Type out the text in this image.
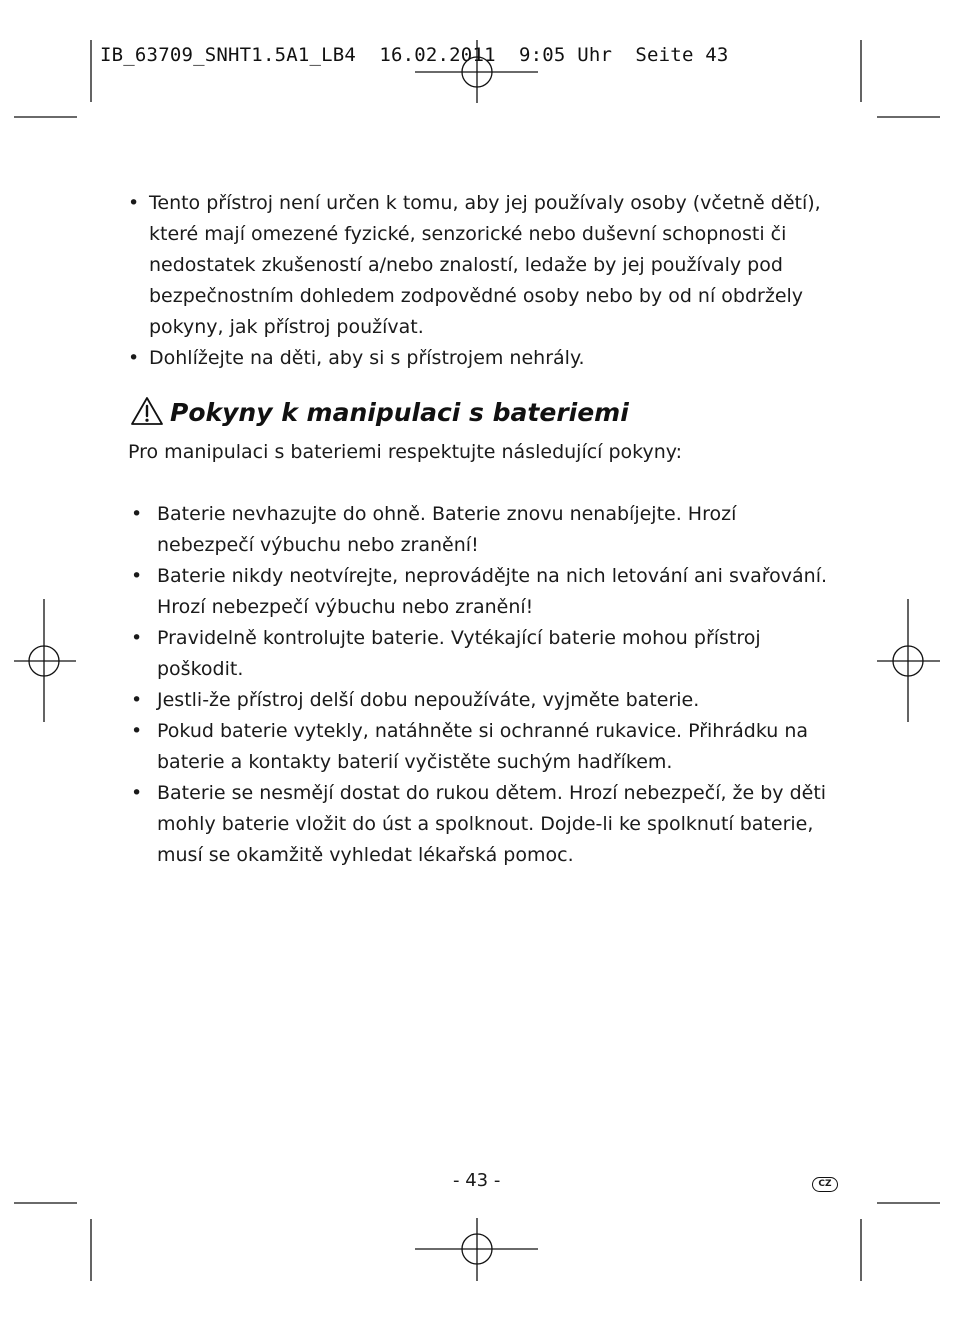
IB_63709_SNHT1.5A1_LB4  16.02.2011  9:05 Uhr  Seite 43
• Tento přístroj není určen k tomu, aby jej používaly osoby (včetně dětí), které mají omezené fyzické, senzorické nebo duševní schopnosti či nedostatek zkušeností a/nebo znalostí, ledaže by jej používaly pod bezpečnostním dohledem zodpovědné osoby nebo by od ní obdržely pokyny, jak přístroj používat.
• Dohlížejte na děti, aby si s přístrojem nehrály.
Pokyny k manipulaci s bateriemi

Pro manipulaci s bateriemi respektujte následující pokyny:

• Baterie nevhazujte do ohně. Baterie znovu nenabíjejte. Hrozí nebezpečí výbuchu nebo zranění!
• Baterie nikdy neotvírejte, neprovádějte na nich letování ani svařování. Hrozí nebezpečí výbuchu nebo zranění!
• Pravidelně kontrolujte baterie. Vytékající baterie mohou přístroj poškodit.
• Jestli-že přístroj delší dobu nepoužíváte, vyjměte baterie.
• Pokud baterie vytekly, natáhněte si ochranné rukavice. Přihrádku na baterie a kontakty baterií vyčistěte suchým hadříkem.
• Baterie se nesmějí dostat do rukou dětem. Hrozí nebezpečí, že by děti mohly baterie vložit do úst a spolknout. Dojde-li ke spolknutí baterie, musí se okamžitě vyhledat lékařská pomoc.
- 43 -	CZ
